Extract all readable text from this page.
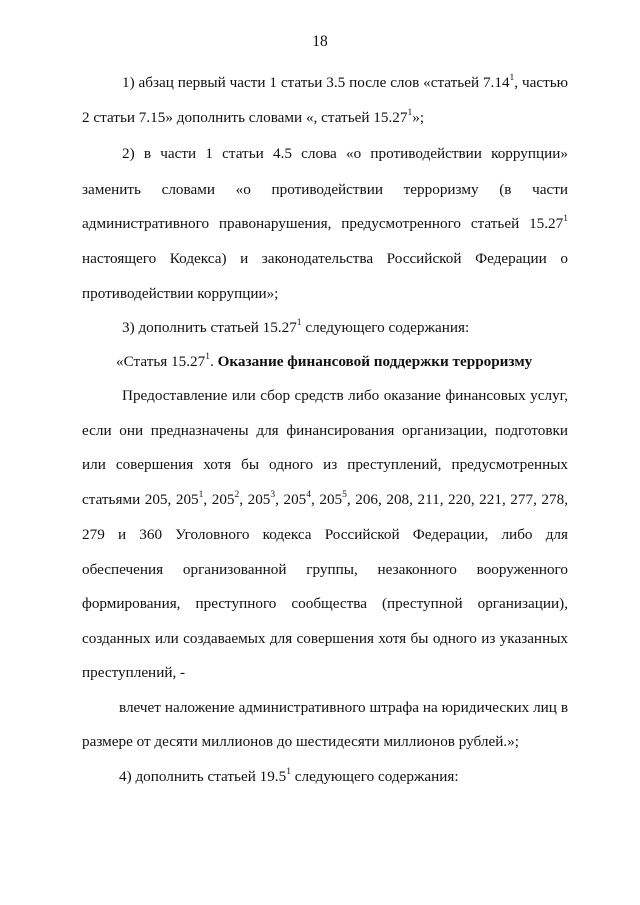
18
1) абзац первый части 1 статьи 3.5 после слов «статьей 7.14$^1$, частью
2 статьи 7.15» дополнить словами «, статьей 15.27$^1$»;
2) в части 1 статьи 4.5 слова «о противодействии коррупции»
заменить словами «о противодействии терроризму (в части
административного правонарушения, предусмотренного статьей 15.27$^1$
настоящего Кодекса) и законодательства Российской Федерации о
противодействии коррупции»;
3) дополнить статьей 15.27$^1$ следующего содержания:
«Статья 15.27$^1$. Оказание финансовой поддержки терроризму
Предоставление или сбор средств либо оказание финансовых услуг,
если они предназначены для финансирования организации, подготовки
или совершения хотя бы одного из преступлений, предусмотренных
статьями 205, $205^1$, $205^2$, $205^3$, $205^4$, $205^5$, 206, 208, 211, 220, 221, 277, 278,
279 и 360 Уголовного кодекса Российской Федерации, либо для
обеспечения организованной группы, незаконного вооруженного
формирования, преступного сообщества (преступной организации),
созданных или создаваемых для совершения хотя бы одного из указанных
преступлений, -
влечет наложение административного штрафа на юридических лиц в
размере от десяти миллионов до шестидесяти миллионов рублей.»;
4) дополнить статьей 19.5$^1$ следующего содержания:
